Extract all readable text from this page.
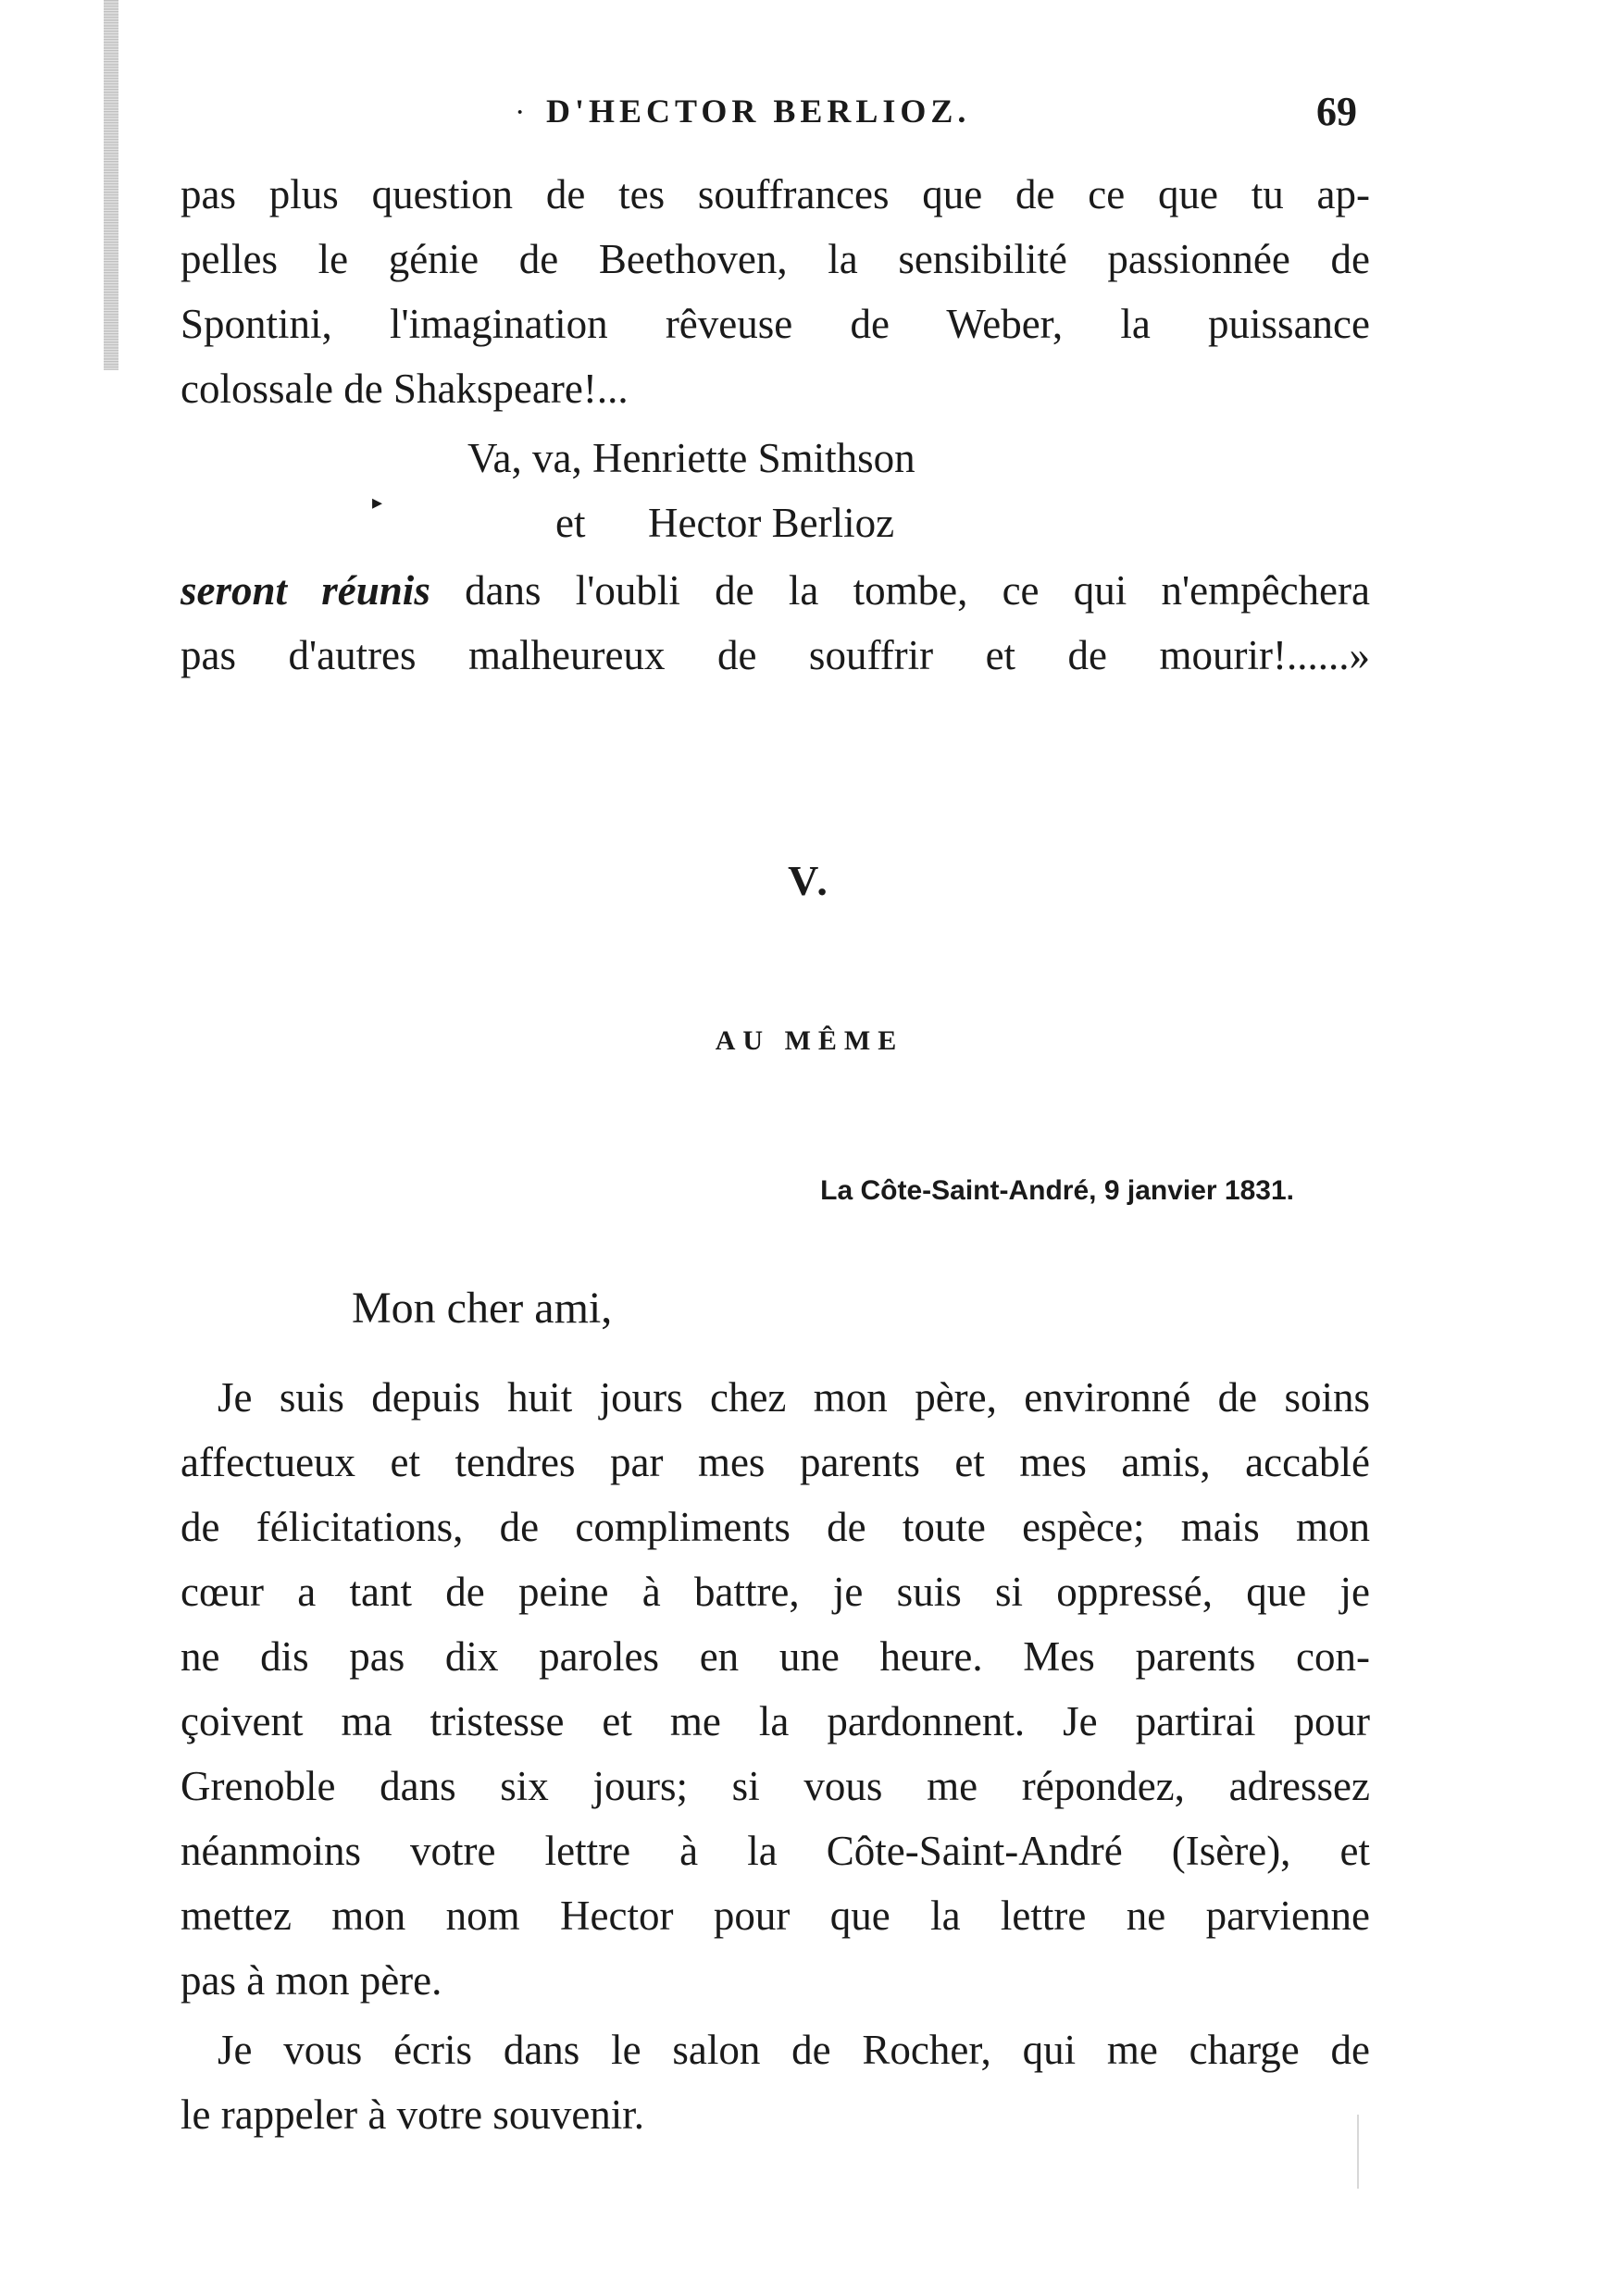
· D'HECTOR BERLIOZ.	69
pas plus question de tes souffrances que de ce que tu ap-
pelles le génie de Beethoven, la sensibilité passionnée de
Spontini, l'imagination rêveuse de Weber, la puissance
colossale de Shakspeare!...
Va, va, Henriette Smithson
▸	et      Hector Berlioz
seront réunis dans l'oubli de la tombe, ce qui n'empêchera
pas d'autres malheureux de souffrir et de mourir!......»
V.
AU MÊME
La Côte-Saint-André, 9 janvier 1831.
Mon cher ami,
Je suis depuis huit jours chez mon père, environné de soins
affectueux et tendres par mes parents et mes amis, accablé
de félicitations, de compliments de toute espèce; mais mon
cœur a tant de peine à battre, je suis si oppressé, que je
ne dis pas dix paroles en une heure. Mes parents con-
çoivent ma tristesse et me la pardonnent. Je partirai pour
Grenoble dans six jours; si vous me répondez, adressez
néanmoins votre lettre à la Côte-Saint-André (Isère), et
mettez mon nom Hector pour que la lettre ne parvienne
pas à mon père.
Je vous écris dans le salon de Rocher, qui me charge de
le rappeler à votre souvenir.
